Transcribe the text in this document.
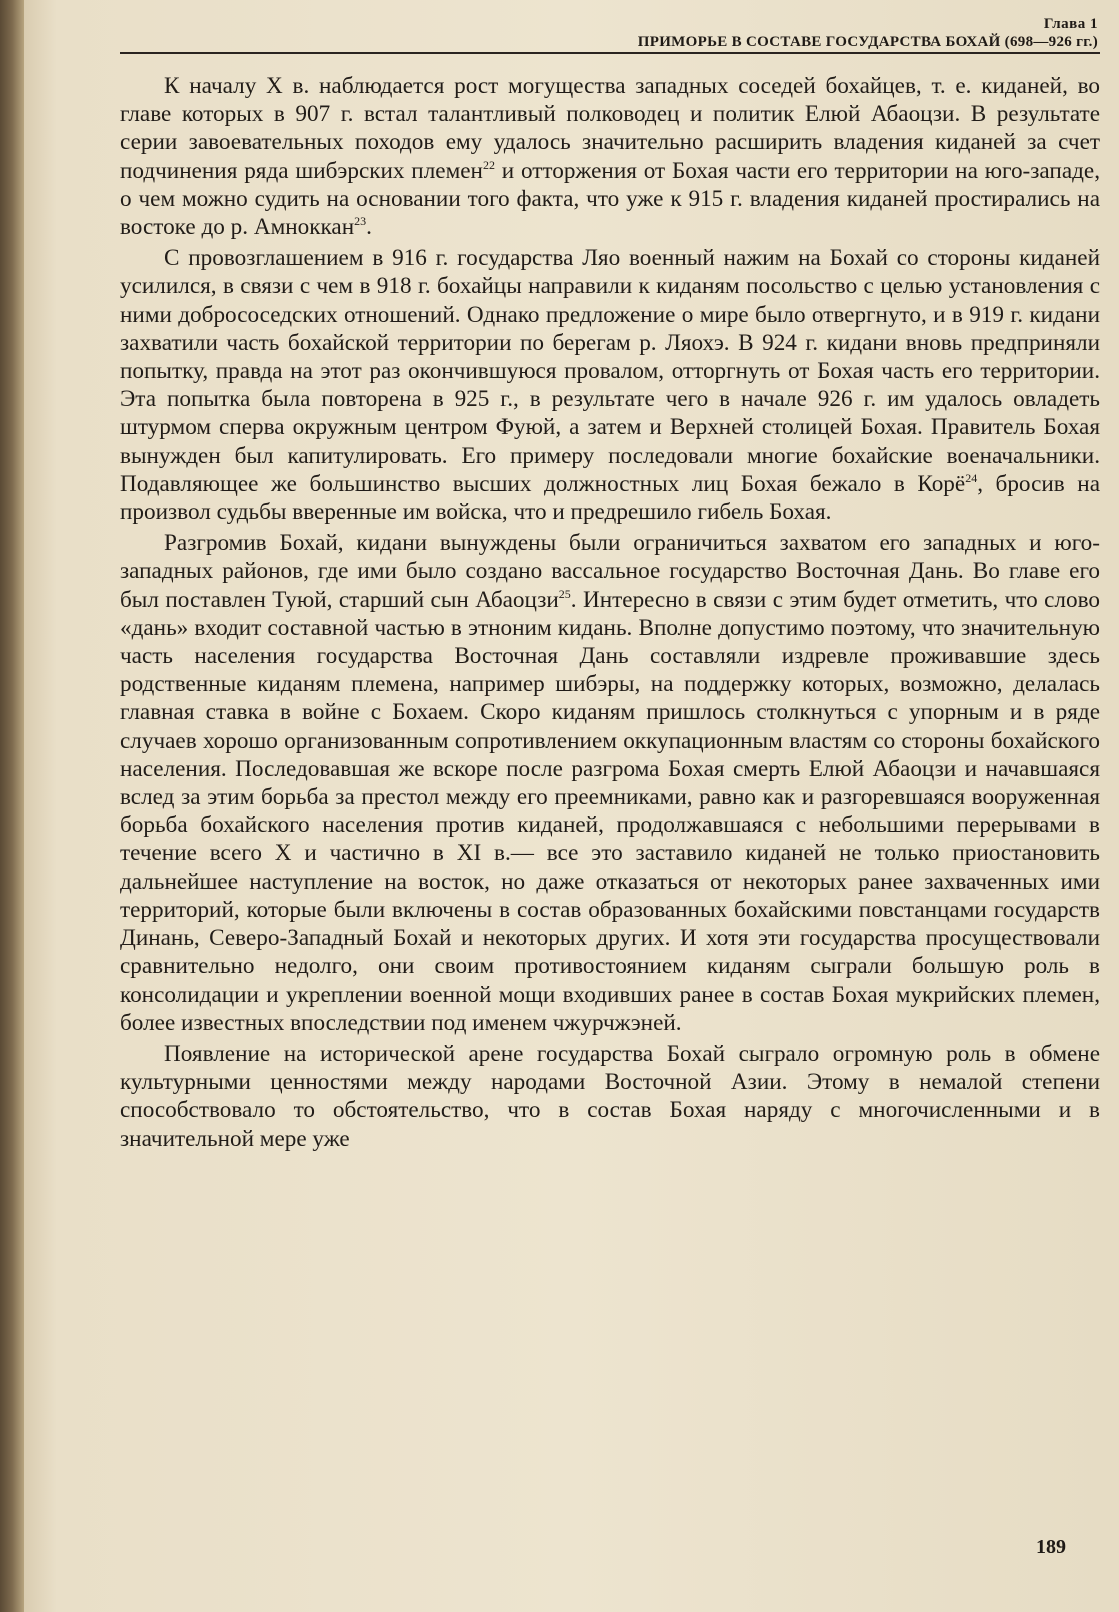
Глава 1
ПРИМОРЬЕ В СОСТАВЕ ГОСУДАРСТВА БОХАЙ (698—926 гг.)

К началу X в. наблюдается рост могущества западных соседей бохайцев, т. е. киданей, во главе которых в 907 г. встал талантливый полководец и политик Елюй Абаоцзи. В результате серии завоевательных походов ему удалось значительно расширить владения киданей за счет подчинения ряда шибэрских племен$^{22}$ и отторжения от Бохая части его территории на юго-западе, о чем можно судить на основании того факта, что уже к 915 г. владения киданей простирались на востоке до р. Амноккан$^{23}$.

С провозглашением в 916 г. государства Ляо военный нажим на Бохай со стороны киданей усилился, в связи с чем в 918 г. бохайцы направили к киданям посольство с целью установления с ними добрососедских отношений. Однако предложение о мире было отвергнуто, и в 919 г. кидани захватили часть бохайской территории по берегам р. Ляохэ. В 924 г. кидани вновь предприняли попытку, правда на этот раз окончившуюся провалом, отторгнуть от Бохая часть его территории. Эта попытка была повторена в 925 г., в результате чего в начале 926 г. им удалось овладеть штурмом сперва окружным центром Фуюй, а затем и Верхней столицей Бохая. Правитель Бохая вынужден был капитулировать. Его примеру последовали многие бохайские военачальники. Подавляющее же большинство высших должностных лиц Бохая бежало в Корё$^{24}$, бросив на произвол судьбы вверенные им войска, что и предрешило гибель Бохая.

Разгромив Бохай, кидани вынуждены были ограничиться захватом его западных и юго-западных районов, где ими было создано вассальное государство Восточная Дань. Во главе его был поставлен Туюй, старший сын Абаоцзи$^{25}$. Интересно в связи с этим будет отметить, что слово «дань» входит составной частью в этноним кидань. Вполне допустимо поэтому, что значительную часть населения государства Восточная Дань составляли издревле проживавшие здесь родственные киданям племена, например шибэры, на поддержку которых, возможно, делалась главная ставка в войне с Бохаем. Скоро киданям пришлось столкнуться с упорным и в ряде случаев хорошо организованным сопротивлением оккупационным властям со стороны бохайского населения. Последовавшая же вскоре после разгрома Бохая смерть Елюй Абаоцзи и начавшаяся вслед за этим борьба за престол между его преемниками, равно как и разгоревшаяся вооруженная борьба бохайского населения против киданей, продолжавшаяся с небольшими перерывами в течение всего X и частично в XI в.— все это заставило киданей не только приостановить дальнейшее наступление на восток, но даже отказаться от некоторых ранее захваченных ими территорий, которые были включены в состав образованных бохайскими повстанцами государств Динань, Северо-Западный Бохай и некоторых других. И хотя эти государства просуществовали сравнительно недолго, они своим противостоянием киданям сыграли большую роль в консолидации и укреплении военной мощи входивших ранее в состав Бохая мукрийских племен, более известных впоследствии под именем чжурчжэней.

Появление на исторической арене государства Бохай сыграло огромную роль в обмене культурными ценностями между народами Восточной Азии. Этому в немалой степени способствовало то обстоятельство, что в состав Бохая наряду с многочисленными и в значительной мере уже

189
